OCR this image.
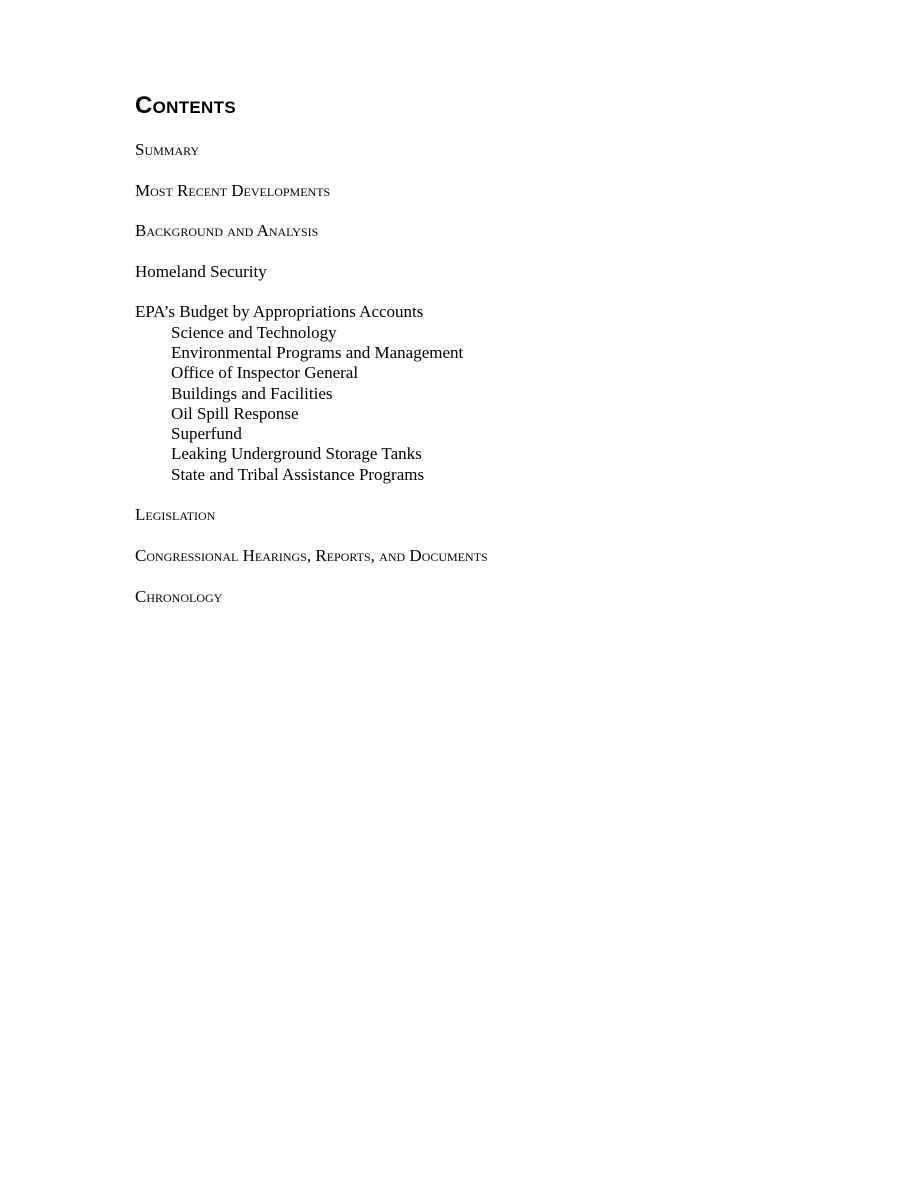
Contents
Summary
Most Recent Developments
Background and Analysis
Homeland Security
EPA’s Budget by Appropriations Accounts
Science and Technology
Environmental Programs and Management
Office of Inspector General
Buildings and Facilities
Oil Spill Response
Superfund
Leaking Underground Storage Tanks
State and Tribal Assistance Programs
Legislation
Congressional Hearings, Reports, and Documents
Chronology
